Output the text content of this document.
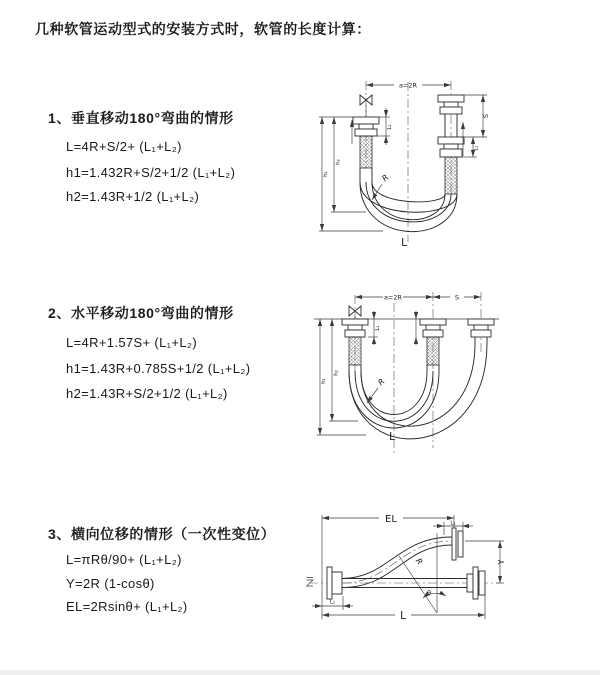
几种软管运动型式的安装方式时，软管的长度计算：
1、垂直移动180°弯曲的情形
L=4R+S/2+ (L₁+L₂)
h1=1.432R+S/2+1/2 (L₁+L₂)
h2=1.43R+1/2 (L₁+L₂)
2、水平移动180°弯曲的情形
L=4R+1.57S+ (L₁+L₂)
h1=1.43R+0.785S+1/2 (L₁+L₂)
h2=1.43R+S/2+1/2 (L₁+L₂)
3、横向位移的情形（一次性变位）
L=πRθ/90+ (L₁+L₂)
Y=2R (1-cosθ)
EL=2Rsinθ+ (L₁+L₂)
a=2R
h₁
h₂
L₁
S
L₁
R
L
a=2R	S
h₁
h₂
L₁
R
L
EL	L₁
Y
θ
R
L
L₁
